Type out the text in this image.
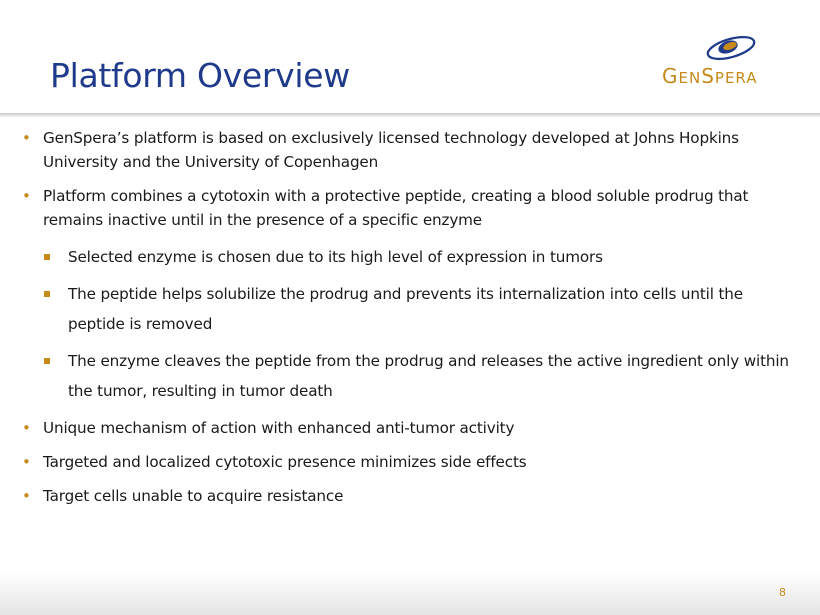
Platform Overview	GENSPERA
• GenSpera’s platform is based on exclusively licensed technology developed at Johns Hopkins University and the University of Copenhagen
• Platform combines a cytotoxin with a protective peptide, creating a blood soluble prodrug that remains inactive until in the presence of a specific enzyme
Selected enzyme is chosen due to its high level of expression in tumors
The peptide helps solubilize the prodrug and prevents its internalization into cells until the peptide is removed
The enzyme cleaves the peptide from the prodrug and releases the active ingredient only within the tumor, resulting in tumor death
• Unique mechanism of action with enhanced anti-tumor activity
• Targeted and localized cytotoxic presence minimizes side effects
• Target cells unable to acquire resistance
8
